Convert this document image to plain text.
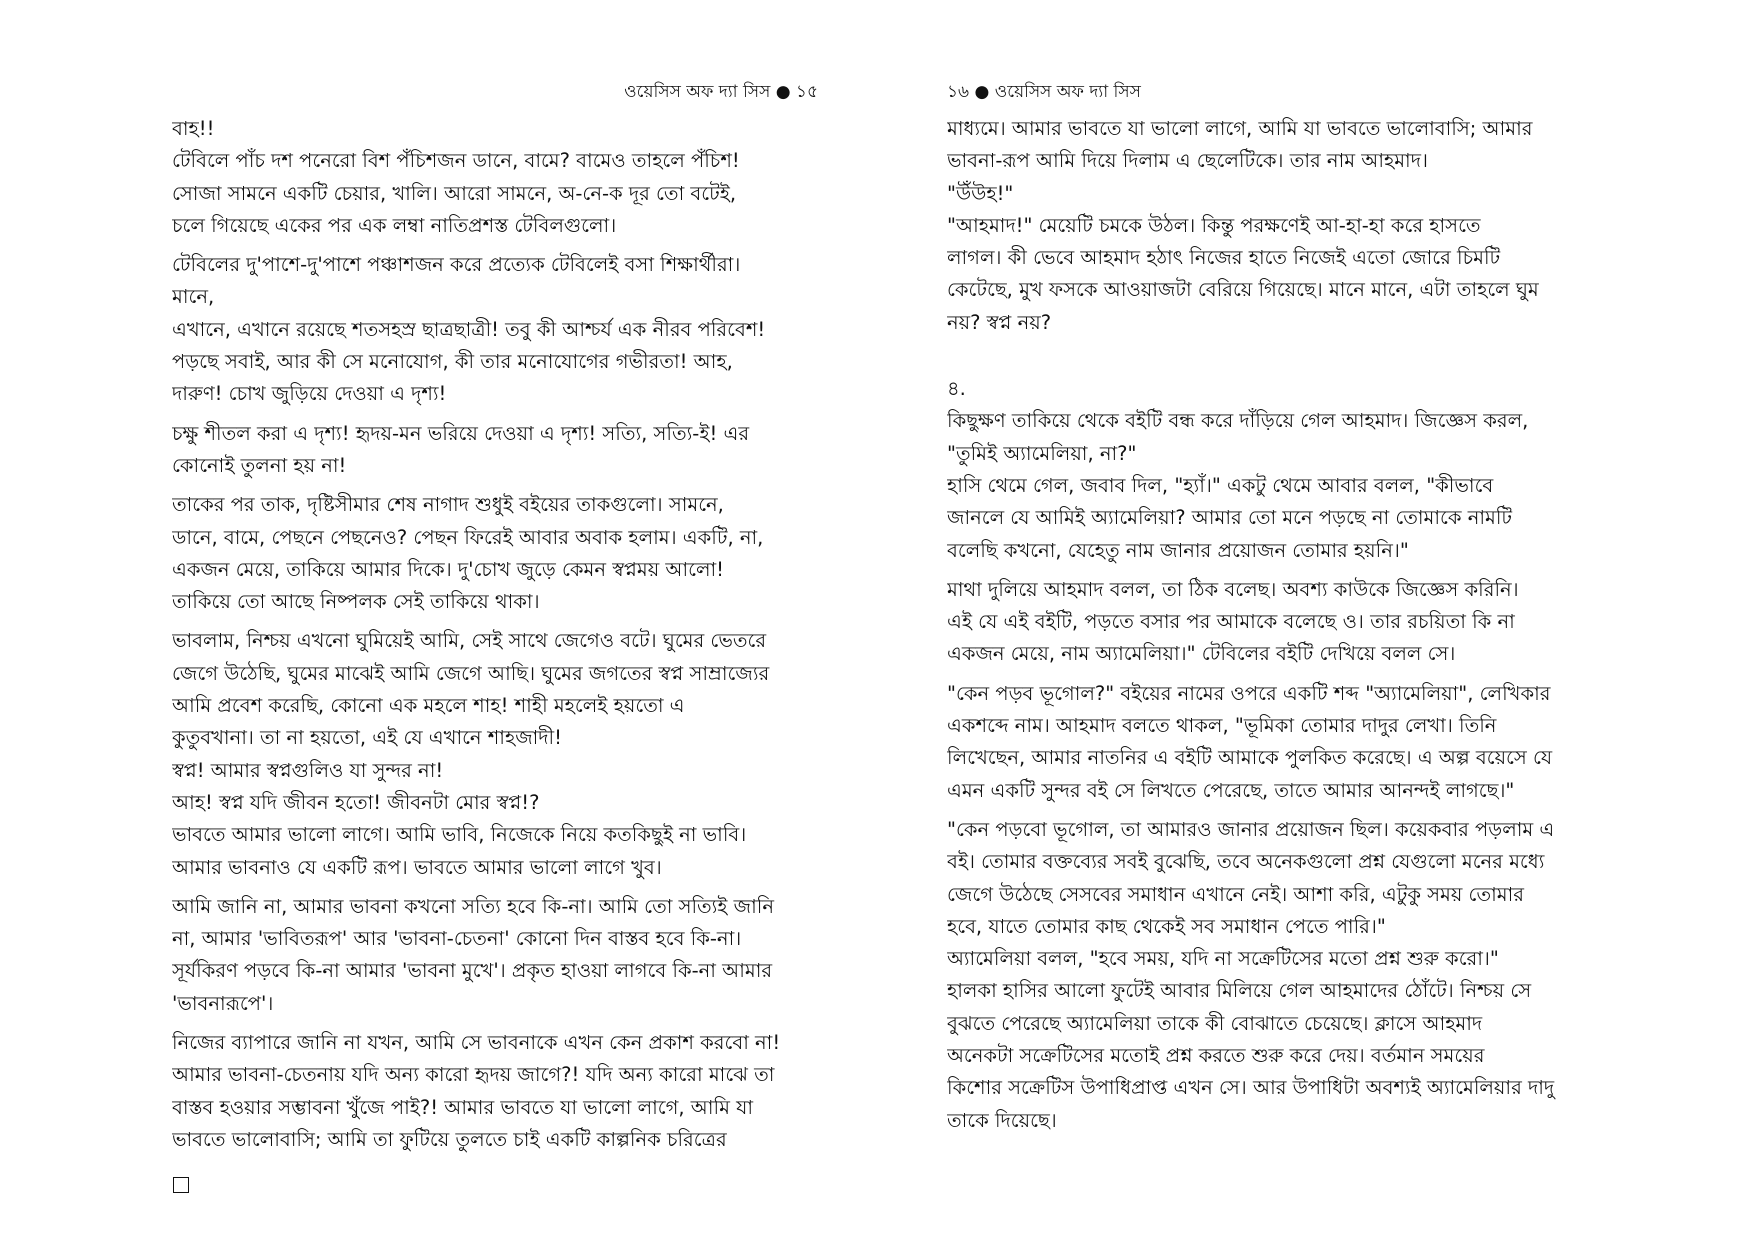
ওয়েসিস অফ দ্যা সিস ● ১৫
বাহ!!
টেবিলে পাঁচ দশ পনেরো বিশ পঁচিশজন ডানে, বামে? বামেও তাহলে পঁচিশ!
সোজা সামনে একটি চেয়ার, খালি। আরো সামনে, অ-নে-ক দূর তো বটেই,
চলে গিয়েছে একের পর এক লম্বা নাতিপ্রশস্ত টেবিলগুলো।
টেবিলের দু'পাশে-দু'পাশে পঞ্চাশজন করে প্রত্যেক টেবিলেই বসা শিক্ষার্থীরা।
মানে,
এখানে, এখানে রয়েছে শতসহস্র ছাত্রছাত্রী! তবু কী আশ্চর্য এক নীরব পরিবেশ!
পড়ছে সবাই, আর কী সে মনোযোগ, কী তার মনোযোগের গভীরতা! আহ,
দারুণ! চোখ জুড়িয়ে দেওয়া এ দৃশ্য!
চক্ষু শীতল করা এ দৃশ্য! হৃদয়-মন ভরিয়ে দেওয়া এ দৃশ্য! সত্যি, সত্যি-ই! এর
কোনোই তুলনা হয় না!
তাকের পর তাক, দৃষ্টিসীমার শেষ নাগাদ শুধুই বইয়ের তাকগুলো। সামনে,
ডানে, বামে, পেছনে পেছনেও? পেছন ফিরেই আবার অবাক হলাম। একটি, না,
একজন মেয়ে, তাকিয়ে আমার দিকে। দু'চোখ জুড়ে কেমন স্বপ্নময় আলো!
তাকিয়ে তো আছে নিষ্পলক সেই তাকিয়ে থাকা।
ভাবলাম, নিশ্চয় এখনো ঘুমিয়েই আমি, সেই সাথে জেগেও বটে। ঘুমের ভেতরে
জেগে উঠেছি, ঘুমের মাঝেই আমি জেগে আছি। ঘুমের জগতের স্বপ্ন সাম্রাজ্যের
আমি প্রবেশ করেছি, কোনো এক মহলে শাহ! শাহী মহলেই হয়তো এ
কুতুবখানা। তা না হয়তো, এই যে এখানে শাহজাদী!
স্বপ্ন! আমার স্বপ্নগুলিও যা সুন্দর না!
আহ! স্বপ্ন যদি জীবন হতো! জীবনটা মোর স্বপ্ন!?
ভাবতে আমার ভালো লাগে। আমি ভাবি, নিজেকে নিয়ে কতকিছুই না ভাবি।
আমার ভাবনাও যে একটি রূপ। ভাবতে আমার ভালো লাগে খুব।
আমি জানি না, আমার ভাবনা কখনো সত্যি হবে কি-না। আমি তো সত্যিই জানি
না, আমার 'ভাবিতরূপ' আর 'ভাবনা-চেতনা' কোনো দিন বাস্তব হবে কি-না।
সূর্যকিরণ পড়বে কি-না আমার 'ভাবনা মুখে'। প্রকৃত হাওয়া লাগবে কি-না আমার
'ভাবনারূপে'।
নিজের ব্যাপারে জানি না যখন, আমি সে ভাবনাকে এখন কেন প্রকাশ করবো না!
আমার ভাবনা-চেতনায় যদি অন্য কারো হৃদয় জাগে?! যদি অন্য কারো মাঝে তা
বাস্তব হওয়ার সম্ভাবনা খুঁজে পাই?! আমার ভাবতে যা ভালো লাগে, আমি যা
ভাবতে ভালোবাসি; আমি তা ফুটিয়ে তুলতে চাই একটি কাল্পনিক চরিত্রের
১৬ ● ওয়েসিস অফ দ্যা সিস
মাধ্যমে। আমার ভাবতে যা ভালো লাগে, আমি যা ভাবতে ভালোবাসি; আমার
ভাবনা-রূপ আমি দিয়ে দিলাম এ ছেলেটিকে। তার নাম আহমাদ।
"উঁউহ!"
"আহমাদ!" মেয়েটি চমকে উঠল। কিন্তু পরক্ষণেই আ-হা-হা করে হাসতে
লাগল। কী ভেবে আহমাদ হঠাৎ নিজের হাতে নিজেই এতো জোরে চিমটি
কেটেছে, মুখ ফসকে আওয়াজটা বেরিয়ে গিয়েছে। মানে মানে, এটা তাহলে ঘুম
নয়? স্বপ্ন নয়?
৪.
কিছুক্ষণ তাকিয়ে থেকে বইটি বন্ধ করে দাঁড়িয়ে গেল আহমাদ। জিজ্ঞেস করল,
"তুমিই অ্যামেলিয়া, না?"
হাসি থেমে গেল, জবাব দিল, "হ্যাঁ।" একটু থেমে আবার বলল, "কীভাবে
জানলে যে আমিই অ্যামেলিয়া? আমার তো মনে পড়ছে না তোমাকে নামটি
বলেছি কখনো, যেহেতু নাম জানার প্রয়োজন তোমার হয়নি।"
মাথা দুলিয়ে আহমাদ বলল, তা ঠিক বলেছ। অবশ্য কাউকে জিজ্ঞেস করিনি।
এই যে এই বইটি, পড়তে বসার পর আমাকে বলেছে ও। তার রচয়িতা কি না
একজন মেয়ে, নাম অ্যামেলিয়া।" টেবিলের বইটি দেখিয়ে বলল সে।
"কেন পড়ব ভূগোল?" বইয়ের নামের ওপরে একটি শব্দ "অ্যামেলিয়া", লেখিকার
একশব্দে নাম। আহমাদ বলতে থাকল, "ভূমিকা তোমার দাদুর লেখা। তিনি
লিখেছেন, আমার নাতনির এ বইটি আমাকে পুলকিত করেছে। এ অল্প বয়েসে যে
এমন একটি সুন্দর বই সে লিখতে পেরেছে, তাতে আমার আনন্দই লাগছে।"
"কেন পড়বো ভূগোল, তা আমারও জানার প্রয়োজন ছিল। কয়েকবার পড়লাম এ
বই। তোমার বক্তব্যের সবই বুঝেছি, তবে অনেকগুলো প্রশ্ন যেগুলো মনের মধ্যে
জেগে উঠেছে সেসবের সমাধান এখানে নেই। আশা করি, এটুকু সময় তোমার
হবে, যাতে তোমার কাছ থেকেই সব সমাধান পেতে পারি।"
অ্যামেলিয়া বলল, "হবে সময়, যদি না সক্রেটিসের মতো প্রশ্ন শুরু করো।"
হালকা হাসির আলো ফুটেই আবার মিলিয়ে গেল আহমাদের ঠোঁটে। নিশ্চয় সে
বুঝতে পেরেছে অ্যামেলিয়া তাকে কী বোঝাতে চেয়েছে। ক্লাসে আহমাদ
অনেকটা সক্রেটিসের মতোই প্রশ্ন করতে শুরু করে দেয়। বর্তমান সময়ের
কিশোর সক্রেটিস উপাধিপ্রাপ্ত এখন সে। আর উপাধিটা অবশ্যই অ্যামেলিয়ার দাদু
তাকে দিয়েছে।
